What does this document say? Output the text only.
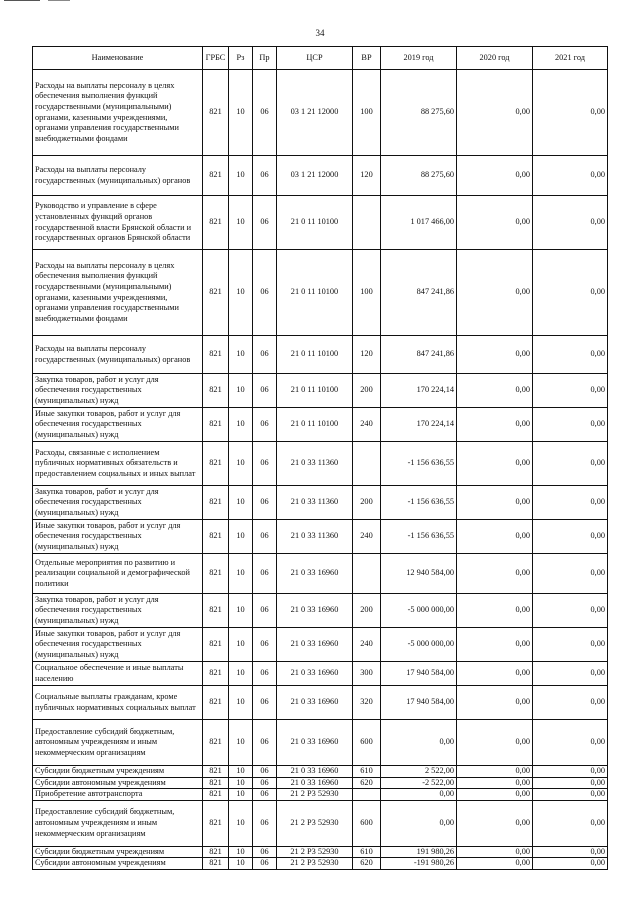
34
Наименование	ГРБС	Рз	Пр	ЦСР	ВР	2019 год	2020 год	2021 год
Расходы на выплаты персоналу в целях обеспечения выполнения функций государственными (муниципальными) органами, казенными учреждениями, органами управления государственными внебюджетными фондами	821	10	06	03 1 21 12000	100	88 275,60	0,00	0,00
Расходы на выплаты персоналу государственных (муниципальных) органов	821	10	06	03 1 21 12000	120	88 275,60	0,00	0,00
Руководство и управление в сфере установленных функций органов государственной власти Брянской области и государственных органов Брянской области	821	10	06	21 0 11 10100		1 017 466,00	0,00	0,00
Расходы на выплаты персоналу в целях обеспечения выполнения функций государственными (муниципальными) органами, казенными учреждениями, органами управления государственными внебюджетными фондами	821	10	06	21 0 11 10100	100	847 241,86	0,00	0,00
Расходы на выплаты персоналу государственных (муниципальных) органов	821	10	06	21 0 11 10100	120	847 241,86	0,00	0,00
Закупка товаров, работ и услуг для обеспечения государственных (муниципальных) нужд	821	10	06	21 0 11 10100	200	170 224,14	0,00	0,00
Иные закупки товаров, работ и услуг для обеспечения государственных (муниципальных) нужд	821	10	06	21 0 11 10100	240	170 224,14	0,00	0,00
Расходы, связанные с исполнением публичных нормативных обязательств и предоставлением социальных и иных выплат	821	10	06	21 0 33 11360		-1 156 636,55	0,00	0,00
Закупка товаров, работ и услуг для обеспечения государственных (муниципальных) нужд	821	10	06	21 0 33 11360	200	-1 156 636,55	0,00	0,00
Иные закупки товаров, работ и услуг для обеспечения государственных (муниципальных) нужд	821	10	06	21 0 33 11360	240	-1 156 636,55	0,00	0,00
Отдельные мероприятия по развитию и реализации социальной и демографической политики	821	10	06	21 0 33 16960		12 940 584,00	0,00	0,00
Закупка товаров, работ и услуг для обеспечения государственных (муниципальных) нужд	821	10	06	21 0 33 16960	200	-5 000 000,00	0,00	0,00
Иные закупки товаров, работ и услуг для обеспечения государственных (муниципальных) нужд	821	10	06	21 0 33 16960	240	-5 000 000,00	0,00	0,00
Социальное обеспечение и иные выплаты населению	821	10	06	21 0 33 16960	300	17 940 584,00	0,00	0,00
Социальные выплаты гражданам, кроме публичных нормативных социальных выплат	821	10	06	21 0 33 16960	320	17 940 584,00	0,00	0,00
Предоставление субсидий бюджетным, автономным учреждениям и иным некоммерческим организациям	821	10	06	21 0 33 16960	600	0,00	0,00	0,00
Субсидии бюджетным учреждениям	821	10	06	21 0 33 16960	610	2 522,00	0,00	0,00
Субсидии автономным учреждениям	821	10	06	21 0 33 16960	620	-2 522,00	0,00	0,00
Приобретение автотранспорта	821	10	06	21 2 P3 52930		0,00	0,00	0,00
Предоставление субсидий бюджетным, автономным учреждениям и иным некоммерческим организациям	821	10	06	21 2 P3 52930	600	0,00	0,00	0,00
Субсидии бюджетным учреждениям	821	10	06	21 2 P3 52930	610	191 980,26	0,00	0,00
Субсидии автономным учреждениям	821	10	06	21 2 P3 52930	620	-191 980,26	0,00	0,00
